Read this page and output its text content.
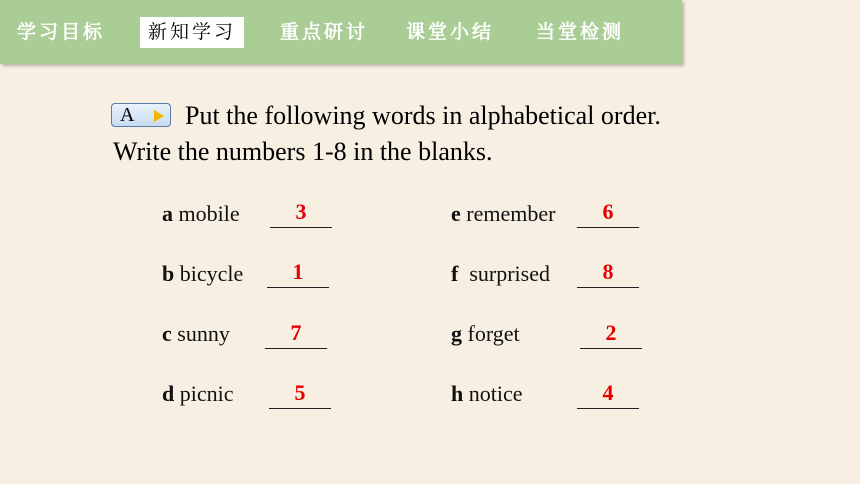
学习目标	新知学习	重点研讨 课堂小结 当堂检测
A Put the following words in alphabetical order.
Write the numbers 1-8 in the blanks.
a mobile	3
b bicycle	1
c sunny	7
d picnic	5
e remember	6
f surprised	8
g forget	2
h notice	4
